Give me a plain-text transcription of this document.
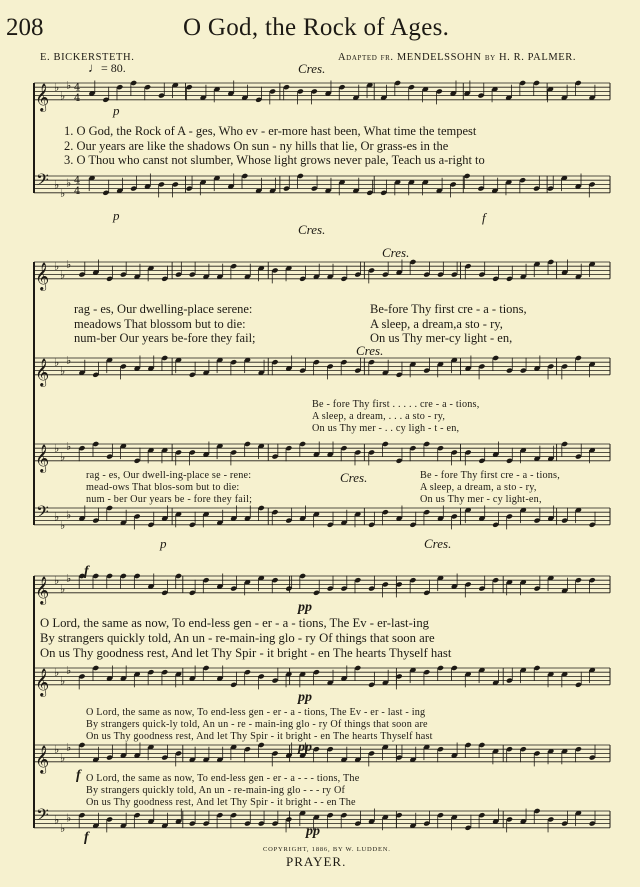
𝄞 ♭
♭
♭ 4
4
𝄢 ♭
♭
♭ 4
4
𝄞 ♭
♭
♭
𝄞 ♭
♭
♭
𝄞 ♭
♭
♭
𝄢 ♭
♭
♭
𝄞 ♭
♭
♭
𝄞 ♭
♭
♭
𝄞 ♭
♭
♭
𝄢 ♭
♭
♭
208	O God, the Rock of Ages.
E. BICKERSTETH.	Adapted fr. MENDELSSOHN by H. R. PALMER.
♩= 80.	Cres.
p
1. O God, the Rock of A - ges, Who ev - er-more hast been, What time the tempest
2. Our years are like the shadows On sun - ny hills that lie, Or grass-es in the
3. O Thou who canst not slumber, Whose light grows never pale, Teach us a-right to
p	f
Cres.
Cres.
rag - es, Our dwelling-place serene:
meadows That blossom but to die:
num-ber Our years be-fore they fail;
Be-fore Thy first cre - a - tions,
A sleep, a dream,a sto - ry,
On us Thy mer-cy light - en,
Cres.
Be - fore Thy first . . . . . cre - a - tions,
A sleep, a dream, . . . a sto - ry,
On us Thy mer - . . cy ligh - t - en,
rag - es, Our dwell-ing-place se - rene:
mead-ows That blos-som but to die:
num - ber Our years be - fore they fail;
Cres.	Be - fore Thy first cre - a - tions,
A sleep, a dream, a sto - ry,
On us Thy mer - cy light-en,
p	Cres.
f
pp
O Lord, the same as now, To end-less gen - er - a - tions, The Ev - er-last-ing
By strangers quickly told, An un - re-main-ing glo - ry Of things that soon are
On us Thy goodness rest, And let Thy Spir - it bright - en The hearts Thyself hast
pp
O Lord, the same as now, To end-less gen - er - a - tions, The Ev - er - last - ing
By strangers quick-ly told, An un - re - main-ing glo - ry Of things that soon are
On us Thy goodness rest, And let Thy Spir - it bright - en The hearts Thyself hast
pp
f O Lord, the same as now, To end-less gen - er - a - - - tions, The
By strangers quickly told, An un - re-main-ing glo - - - ry Of
On us Thy goodness rest, And let Thy Spir - it bright - - en The
f	pp
COPYRIGHT, 1886, BY W. LUDDEN.
PRAYER.
